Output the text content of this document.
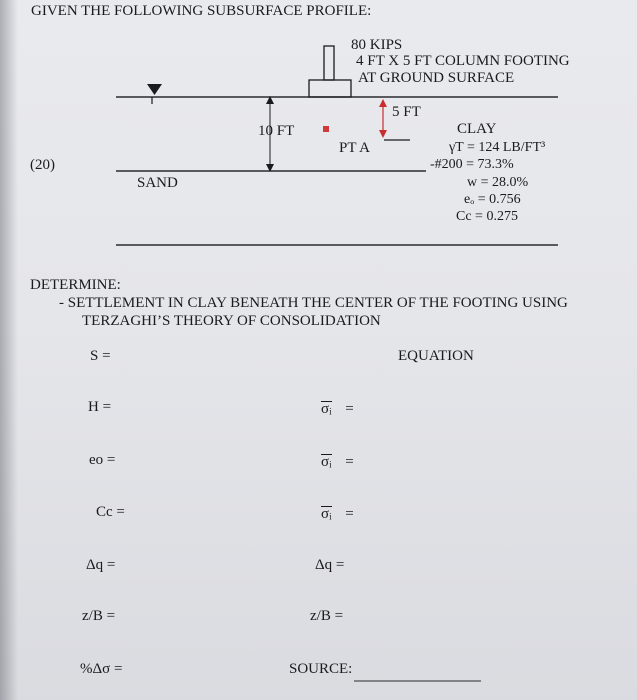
GIVEN THE FOLLOWING SUBSURFACE PROFILE:
80 KIPS
4 FT X 5 FT COLUMN FOOTING
AT GROUND SURFACE
5 FT
10 FT
PT A
(20)
SAND
CLAY
γT = 124 LB/FT³
-#200 = 73.3%
w = 28.0%
eₒ = 0.756
Cc = 0.275
DETERMINE:
- SETTLEMENT IN CLAY BENEATH THE CENTER OF THE FOOTING USING
TERZAGHI’S THEORY OF CONSOLIDATION
S =	EQUATION
H =
eo =
Cc =
Δq =
z/B =
%Δσ =
σᵢ =
σᵢ =
σᵢ =
Δq =
z/B =
SOURCE:
